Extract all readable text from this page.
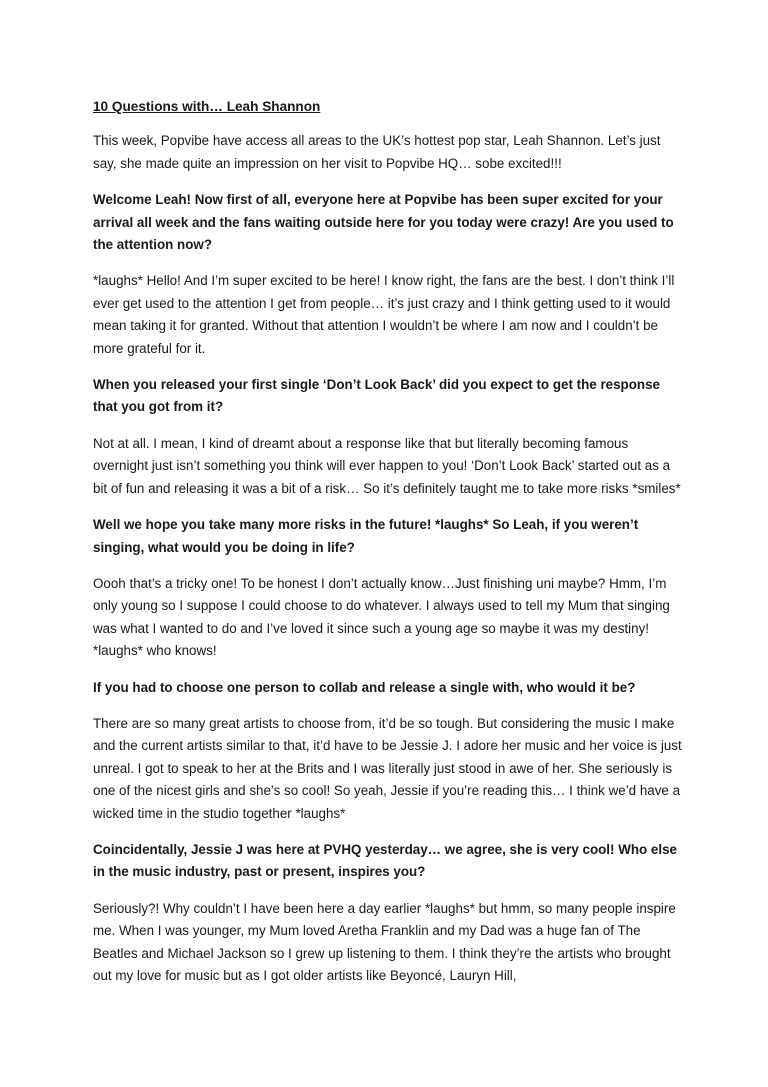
10 Questions with… Leah Shannon

This week, Popvibe have access all areas to the UK’s hottest pop star, Leah Shannon. Let’s just say, she made quite an impression on her visit to Popvibe HQ… sobe excited!!!

Welcome Leah! Now first of all, everyone here at Popvibe has been super excited for your arrival all week and the fans waiting outside here for you today were crazy! Are you used to the attention now?

*laughs* Hello! And I’m super excited to be here! I know right, the fans are the best. I don’t think I’ll ever get used to the attention I get from people… it’s just crazy and I think getting used to it would mean taking it for granted. Without that attention I wouldn’t be where I am now and I couldn’t be more grateful for it.

When you released your first single ‘Don’t Look Back’ did you expect to get the response that you got from it?

Not at all. I mean, I kind of dreamt about a response like that but literally becoming famous overnight just isn’t something you think will ever happen to you! ‘Don’t Look Back’ started out as a bit of fun and releasing it was a bit of a risk… So it’s definitely taught me to take more risks *smiles*

Well we hope you take many more risks in the future! *laughs* So Leah, if you weren’t singing, what would you be doing in life?

Oooh that’s a tricky one! To be honest I don’t actually know…Just finishing uni maybe? Hmm, I’m only young so I suppose I could choose to do whatever. I always used to tell my Mum that singing was what I wanted to do and I’ve loved it since such a young age so maybe it was my destiny! *laughs* who knows!

If you had to choose one person to collab and release a single with, who would it be?

There are so many great artists to choose from, it’d be so tough. But considering the music I make and the current artists similar to that, it’d have to be Jessie J. I adore her music and her voice is just unreal. I got to speak to her at the Brits and I was literally just stood in awe of her. She seriously is one of the nicest girls and she’s so cool! So yeah, Jessie if you’re reading this… I think we’d have a wicked time in the studio together *laughs*

Coincidentally, Jessie J was here at PVHQ yesterday… we agree, she is very cool! Who else in the music industry, past or present, inspires you?

Seriously?! Why couldn’t I have been here a day earlier *laughs* but hmm, so many people inspire me. When I was younger, my Mum loved Aretha Franklin and my Dad was a huge fan of The Beatles and Michael Jackson so I grew up listening to them. I think they’re the artists who brought out my love for music but as I got older artists like Beyoncé, Lauryn Hill,
